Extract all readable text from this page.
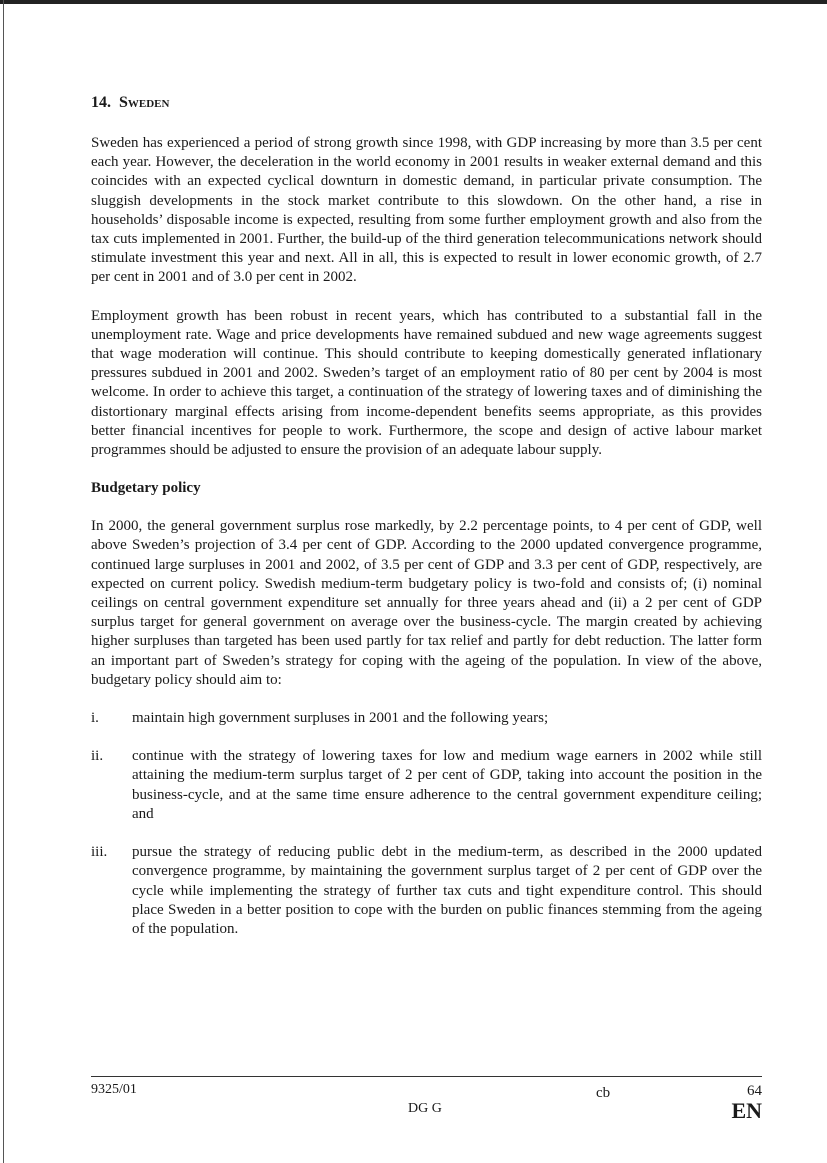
14. Sweden

Sweden has experienced a period of strong growth since 1998, with GDP increasing by more than 3.5 per cent each year. However, the deceleration in the world economy in 2001 results in weaker external demand and this coincides with an expected cyclical downturn in domestic demand, in particular private consumption. The sluggish developments in the stock market contribute to this slowdown. On the other hand, a rise in households’ disposable income is expected, resulting from some further employment growth and also from the tax cuts implemented in 2001. Further, the build-up of the third generation telecommunications network should stimulate investment this year and next. All in all, this is expected to result in lower economic growth, of 2.7 per cent in 2001 and of 3.0 per cent in 2002.

Employment growth has been robust in recent years, which has contributed to a substantial fall in the unemployment rate. Wage and price developments have remained subdued and new wage agreements suggest that wage moderation will continue. This should contribute to keeping domestically generated inflationary pressures subdued in 2001 and 2002. Sweden’s target of an employment ratio of 80 per cent by 2004 is most welcome. In order to achieve this target, a continuation of the strategy of lowering taxes and of diminishing the distortionary marginal effects arising from income-dependent benefits seems appropriate, as this provides better financial incentives for people to work. Furthermore, the scope and design of active labour market programmes should be adjusted to ensure the provision of an adequate labour supply.

Budgetary policy

In 2000, the general government surplus rose markedly, by 2.2 percentage points, to 4 per cent of GDP, well above Sweden’s projection of 3.4 per cent of GDP. According to the 2000 updated convergence programme, continued large surpluses in 2001 and 2002, of 3.5 per cent of GDP and 3.3 per cent of GDP, respectively, are expected on current policy. Swedish medium-term budgetary policy is two-fold and consists of; (i) nominal ceilings on central government expenditure set annually for three years ahead and (ii) a 2 per cent of GDP surplus target for general government on average over the business-cycle. The margin created by achieving higher surpluses than targeted has been used partly for tax relief and partly for debt reduction. The latter form an important part of Sweden’s strategy for coping with the ageing of the population. In view of the above, budgetary policy should aim to:

i.	maintain high government surpluses in 2001 and the following years;
ii.	continue with the strategy of lowering taxes for low and medium wage earners in 2002 while still attaining the medium-term surplus target of 2 per cent of GDP, taking into account the position in the business-cycle, and at the same time ensure adherence to the central government expenditure ceiling; and
iii.	pursue the strategy of reducing public debt in the medium-term, as described in the 2000 updated convergence programme, by maintaining the government surplus target of 2 per cent of GDP over the cycle while implementing the strategy of further tax cuts and tight expenditure control. This should place Sweden in a better position to cope with the burden on public finances stemming from the ageing of the population.
9325/01	cb	64
DG G	EN
